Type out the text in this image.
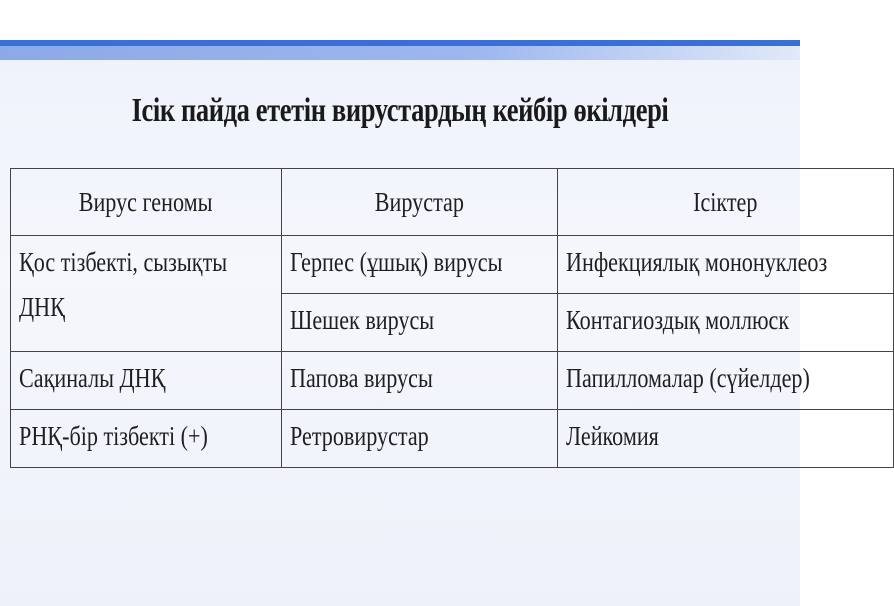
Ісік пайда ететін вирустардың кейбір өкілдері
Вирус геномы	Вирустар	Ісіктер
Қос тізбекті, сызықты
ДНҚ	Герпес (ұшық) вирусы	Инфекциялық мононуклеоз
	Шешек вирусы	Контагиоздық моллюск
Сақиналы ДНҚ	Папова вирусы	Папилломалар (сүйелдер)
РНҚ-бір тізбекті (+)	Ретровирустар	Лейкомия
